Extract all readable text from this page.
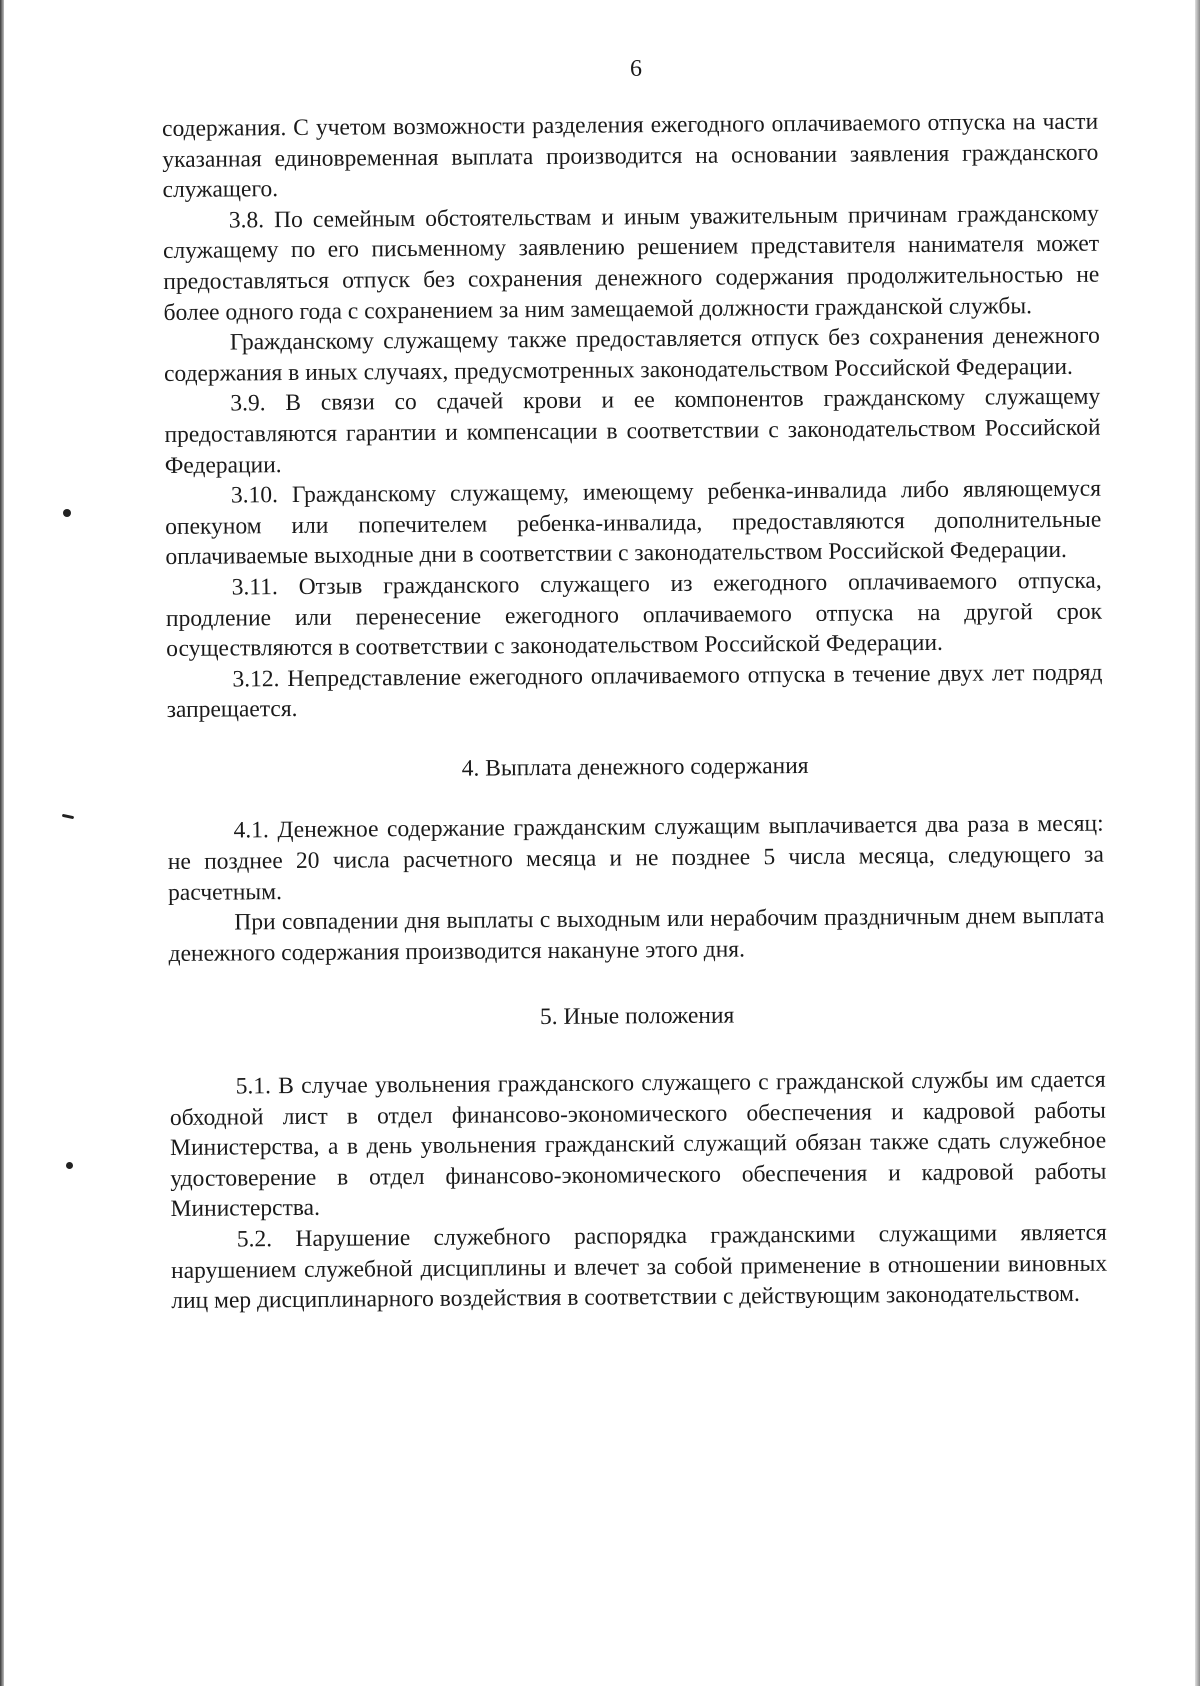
6

содержания. С учетом возможности разделения ежегодного оплачиваемого отпуска на части указанная единовременная выплата производится на основании заявления гражданского служащего.

3.8. По семейным обстоятельствам и иным уважительным причинам гражданскому служащему по его письменному заявлению решением представителя нанимателя может предоставляться отпуск без сохранения денежного содержания продолжительностью не более одного года с сохранением за ним замещаемой должности гражданской службы.

Гражданскому служащему также предоставляется отпуск без сохранения денежного содержания в иных случаях, предусмотренных законодательством Российской Федерации.

3.9. В связи со сдачей крови и ее компонентов гражданскому служащему предоставляются гарантии и компенсации в соответствии с законодательством Российской Федерации.

3.10. Гражданскому служащему, имеющему ребенка-инвалида либо являющемуся опекуном или попечителем ребенка-инвалида, предоставляются дополнительные оплачиваемые выходные дни в соответствии с законодательством Российской Федерации.

3.11. Отзыв гражданского служащего из ежегодного оплачиваемого отпуска, продление или перенесение ежегодного оплачиваемого отпуска на другой срок осуществляются в соответствии с законодательством Российской Федерации.

3.12. Непредставление ежегодного оплачиваемого отпуска в течение двух лет подряд запрещается.

4. Выплата денежного содержания

4.1. Денежное содержание гражданским служащим выплачивается два раза в месяц: не позднее 20 числа расчетного месяца и не позднее 5 числа месяца, следующего за расчетным.

При совпадении дня выплаты с выходным или нерабочим праздничным днем выплата денежного содержания производится накануне этого дня.

5. Иные положения

5.1. В случае увольнения гражданского служащего с гражданской службы им сдается обходной лист в отдел финансово-экономического обеспечения и кадровой работы Министерства, а в день увольнения гражданский служащий обязан также сдать служебное удостоверение в отдел финансово-экономического обеспечения и кадровой работы Министерства.

5.2. Нарушение служебного распорядка гражданскими служащими является нарушением служебной дисциплины и влечет за собой применение в отношении виновных лиц мер дисциплинарного воздействия в соответствии с действующим законодательством.
